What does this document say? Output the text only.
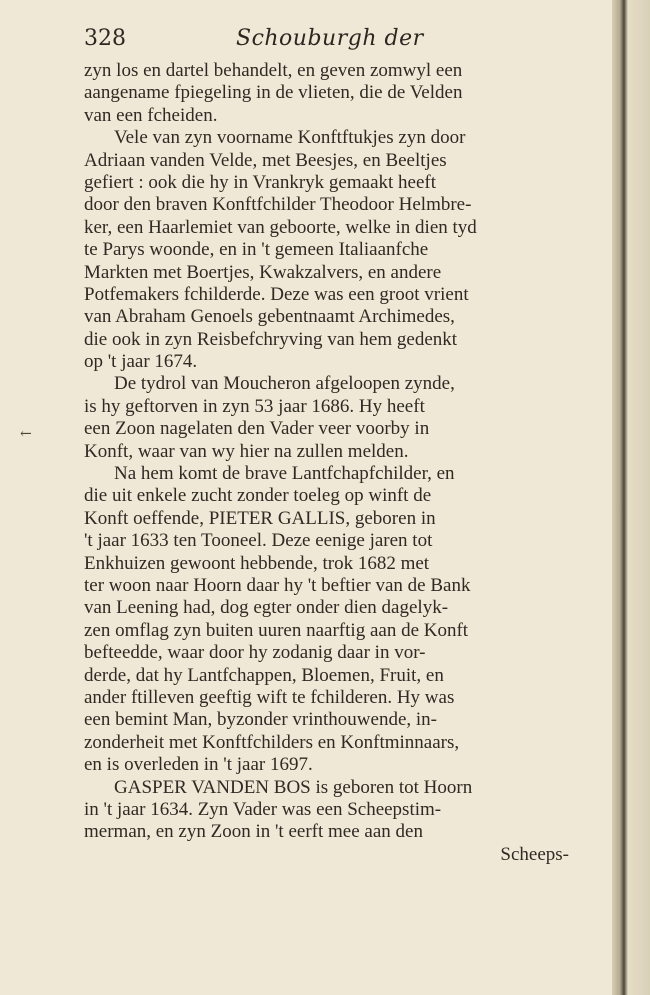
328	Schouburgh der
←
zyn los en dartel behandelt, en geven zomwyl een
aangename fpiegeling in de vlieten, die de Velden
van een fcheiden.
Vele van zyn voorname Konftftukjes zyn door
Adriaan vanden Velde, met Beesjes, en Beeltjes
gefiert : ook die hy in Vrankryk gemaakt heeft
door den braven Konftfchilder Theodoor Helmbre-
ker, een Haarlemiet van geboorte, welke in dien tyd
te Parys woonde, en in 't gemeen Italiaanfche
Markten met Boertjes, Kwakzalvers, en andere
Potfemakers fchilderde. Deze was een groot vrient
van Abraham Genoels gebentnaamt Archimedes,
die ook in zyn Reisbefchryving van hem gedenkt
op 't jaar 1674.
De tydrol van Moucheron afgeloopen zynde,
is hy geftorven in zyn 53 jaar 1686. Hy heeft
een Zoon nagelaten den Vader veer voorby in
Konft, waar van wy hier na zullen melden.
Na hem komt de brave Lantfchapfchilder, en
die uit enkele zucht zonder toeleg op winft de
Konft oeffende, PIETER GALLIS, geboren in
't jaar 1633 ten Tooneel. Deze eenige jaren tot
Enkhuizen gewoont hebbende, trok 1682 met
ter woon naar Hoorn daar hy 't beftier van de Bank
van Leening had, dog egter onder dien dagelyk-
zen omflag zyn buiten uuren naarftig aan de Konft
befteedde, waar door hy zodanig daar in vor-
derde, dat hy Lantfchappen, Bloemen, Fruit, en
ander ftilleven geeftig wift te fchilderen. Hy was
een bemint Man, byzonder vrinthouwende, in-
zonderheit met Konftfchilders en Konftminnaars,
en is overleden in 't jaar 1697.
GASPER VANDEN BOS is geboren tot Hoorn
in 't jaar 1634. Zyn Vader was een Scheepstim-
merman, en zyn Zoon in 't eerft mee aan den
Scheeps-
